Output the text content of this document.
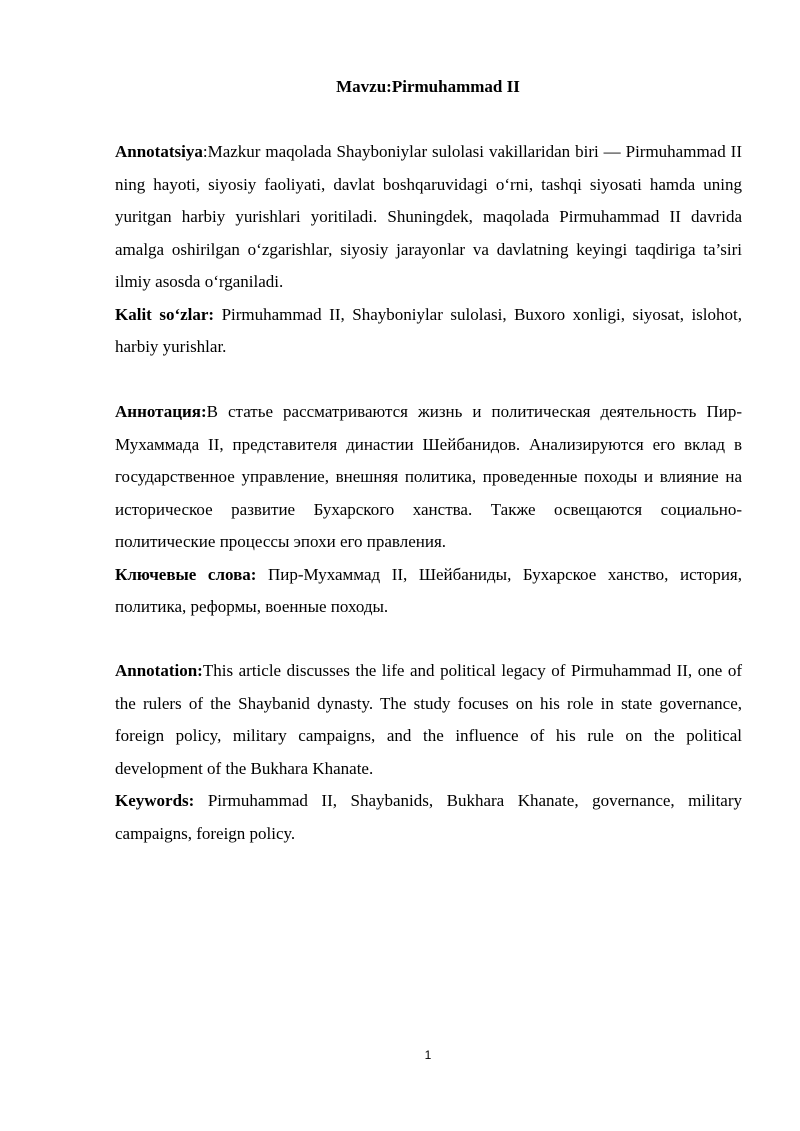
Mavzu:Pirmuhammad II

Annotatsiya:Mazkur maqolada Shayboniylar sulolasi vakillaridan biri — Pirmuhammad II ning hayoti, siyosiy faoliyati, davlat boshqaruvidagi o‘rni, tashqi siyosati hamda uning yuritgan harbiy yurishlari yoritiladi. Shuningdek, maqolada Pirmuhammad II davrida amalga oshirilgan o‘zgarishlar, siyosiy jarayonlar va davlatning keyingi taqdiriga ta’siri ilmiy asosda o‘rganiladi.

Kalit so‘zlar: Pirmuhammad II, Shayboniylar sulolasi, Buxoro xonligi, siyosat, islohot, harbiy yurishlar.

Аннотация:В статье рассматриваются жизнь и политическая деятельность Пир-Мухаммада II, представителя династии Шейбанидов. Анализируются его вклад в государственное управление, внешняя политика, проведенные походы и влияние на историческое развитие Бухарского ханства. Также освещаются социально-политические процессы эпохи его правления.

Ключевые слова: Пир-Мухаммад II, Шейбаниды, Бухарское ханство, история, политика, реформы, военные походы.

Annotation:This article discusses the life and political legacy of Pirmuhammad II, one of the rulers of the Shaybanid dynasty. The study focuses on his role in state governance, foreign policy, military campaigns, and the influence of his rule on the political development of the Bukhara Khanate.

Keywords: Pirmuhammad II, Shaybanids, Bukhara Khanate, governance, military campaigns, foreign policy.

1
